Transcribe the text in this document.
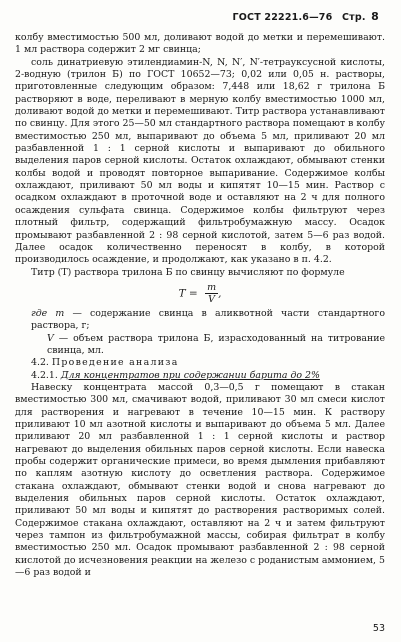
ГОСТ 22221.6—76 Стр. 8

колбу вместимостью 500 мл, доливают водой до метки и перемешивают. 1 мл раствора содержит 2 мг свинца;

соль динатриевую этилендиамин-N, N, N′, N′-тетрауксусной кислоты, 2-водную (трилон Б) по ГОСТ 10652—73; 0,02 или 0,05 н. растворы, приготовленные следующим образом: 7,448 или 18,62 г трилона Б растворяют в воде, переливают в мерную колбу вместимостью 1000 мл, доливают водой до метки и перемешивают. Титр раствора устанавливают по свинцу. Для этого 25—50 мл стандартного раствора помещают в колбу вместимостью 250 мл, выпаривают до объема 5 мл, приливают 20 мл разбавленной 1 : 1 серной кислоты и выпаривают до обильного выделения паров серной кислоты. Остаток охлаждают, обмывают стенки колбы водой и проводят повторное выпаривание. Содержимое колбы охлаждают, приливают 50 мл воды и кипятят 10—15 мин. Раствор с осадком охлаждают в проточной воде и оставляют на 2 ч для полного осаждения сульфата свинца. Содержимое колбы фильтруют через плотный фильтр, содержащий фильтробумажную массу. Осадок промывают разбавленной 2 : 98 серной кислотой, затем 5—6 раз водой. Далее осадок количественно переносят в колбу, в которой производилось осаждение, и продолжают, как указано в п. 4.2.

Титр (T) раствора трилона Б по свинцу вычисляют по формуле

$T = \frac{m}{V}$ ,

где m — содержание свинца в аликвотной части стандартного раствора, г;

V — объем раствора трилона Б, израсходованный на титрование свинца, мл.

4.2. Проведение анализа

4.2.1. Для концентратов при содержании барита до 2%

Навеску концентрата массой 0,3—0,5 г помещают в стакан вместимостью 300 мл, смачивают водой, приливают 30 мл смеси кислот для растворения и нагревают в течение 10—15 мин. К раствору приливают 10 мл азотной кислоты и выпаривают до объема 5 мл. Далее приливают 20 мл разбавленной 1 : 1 серной кислоты и раствор нагревают до выделения обильных паров серной кислоты. Если навеска пробы содержит органические примеси, во время дымления прибавляют по каплям азотную кислоту до осветления раствора. Содержимое стакана охлаждают, обмывают стенки водой и снова нагревают до выделения обильных паров серной кислоты. Остаток охлаждают, приливают 50 мл воды и кипятят до растворения растворимых солей. Содержимое стакана охлаждают, оставляют на 2 ч и затем фильтруют через тампон из фильтробумажной массы, собирая фильтрат в колбу вместимостью 250 мл. Осадок промывают разбавленной 2 : 98 серной кислотой до исчезновения реакции на железо с роданистым аммонием, 5—6 раз водой и

53
